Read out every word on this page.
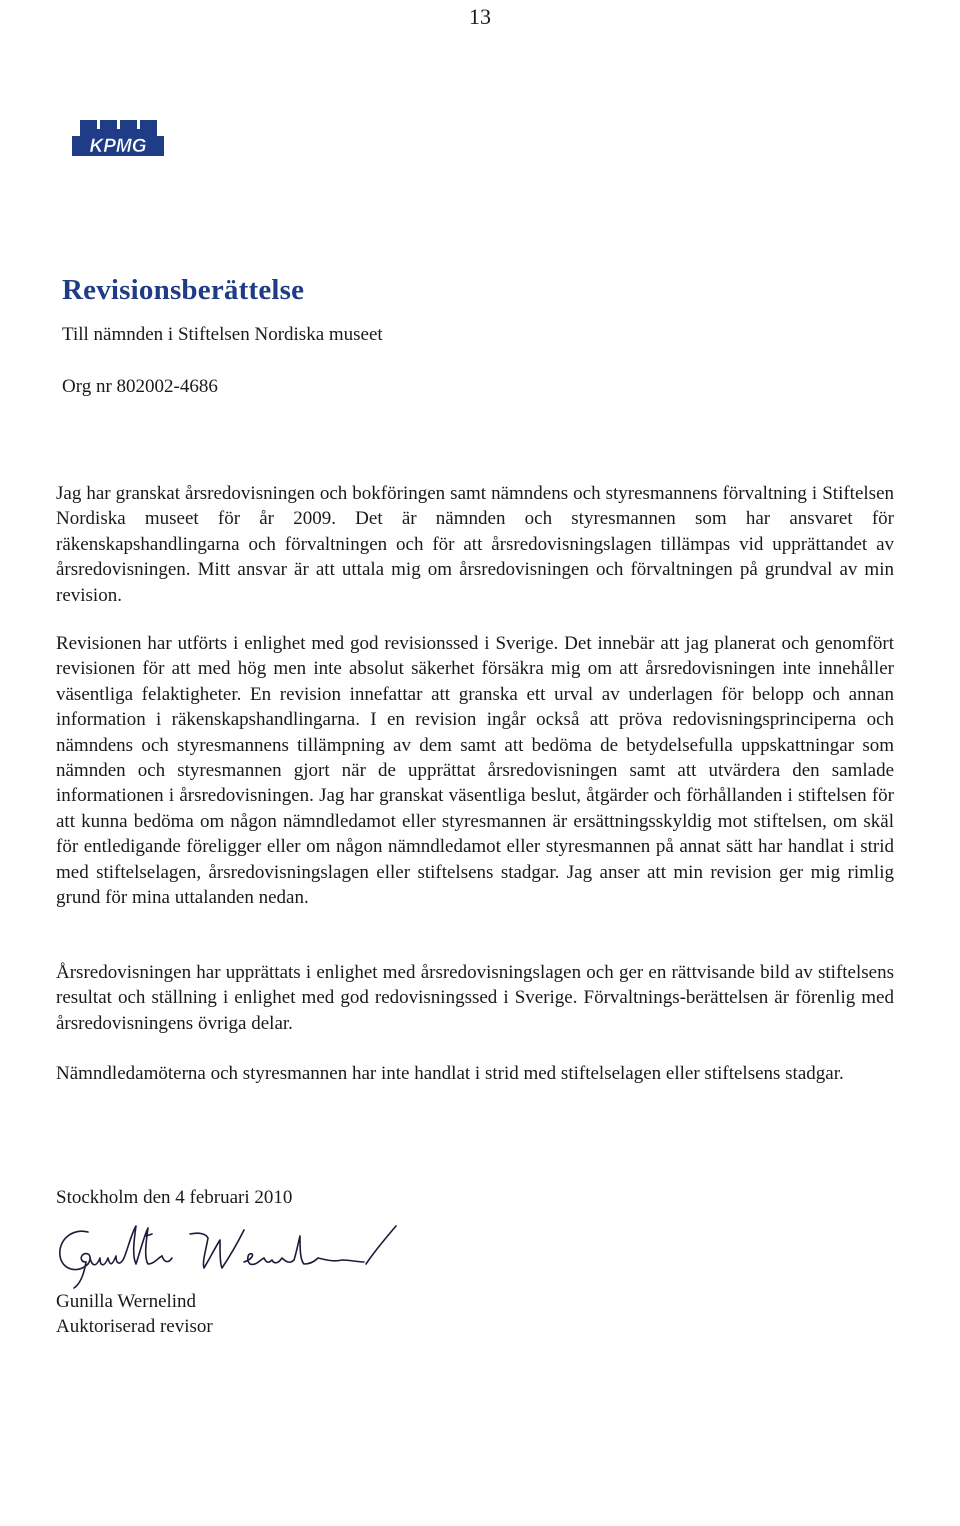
13
KPMG
Revisionsberättelse
Till nämnden i Stiftelsen Nordiska museet
Org nr 802002-4686

Jag har granskat årsredovisningen och bokföringen samt nämndens och styresmannens förvaltning i Stiftelsen Nordiska museet för år 2009. Det är nämnden och styresmannen som har ansvaret för räkenskapshandlingarna och förvaltningen och för att årsredovisningslagen tillämpas vid upprättandet av årsredovisningen. Mitt ansvar är att uttala mig om årsredovisningen och förvaltningen på grundval av min revision.

Revisionen har utförts i enlighet med god revisionssed i Sverige. Det innebär att jag planerat och genomfört revisionen för att med hög men inte absolut säkerhet försäkra mig om att årsredovisningen inte innehåller väsentliga felaktigheter. En revision innefattar att granska ett urval av underlagen för belopp och annan information i räkenskapshandlingarna. I en revision ingår också att pröva redovisningsprinciperna och nämndens och styresmannens tillämpning av dem samt att bedöma de betydelsefulla uppskattningar som nämnden och styresmannen gjort när de upprättat årsredovisningen samt att utvärdera den samlade informationen i årsredovisningen. Jag har granskat väsentliga beslut, åtgärder och förhållanden i stiftelsen för att kunna bedöma om någon nämndledamot eller styresmannen är ersättningsskyldig mot stiftelsen, om skäl för entledigande föreligger eller om någon nämndledamot eller styresmannen på annat sätt har handlat i strid med stiftelselagen, årsredovisningslagen eller stiftelsens stadgar. Jag anser att min revision ger mig rimlig grund för mina uttalanden nedan.

Årsredovisningen har upprättats i enlighet med årsredovisningslagen och ger en rättvisande bild av stiftelsens resultat och ställning i enlighet med god redovisningssed i Sverige. Förvaltnings-berättelsen är förenlig med årsredovisningens övriga delar.

Nämndledamöterna och styresmannen har inte handlat i strid med stiftelselagen eller stiftelsens stadgar.

Stockholm den 4 februari 2010
Gunilla Wernelind
Auktoriserad revisor
